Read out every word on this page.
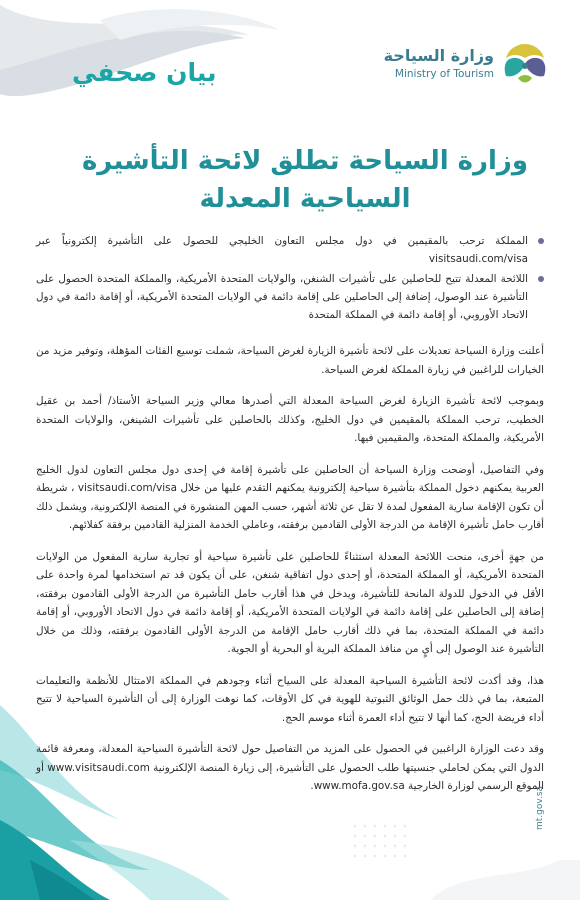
بيان صحفي
وزارة السياحة
Ministry of Tourism
وزارة السياحة تطلق لائحة التأشيرة
السياحية المعدلة
المملكة ترحب بالمقيمين في دول مجلس التعاون الخليجي للحصول على التأشيرة إلكترونياً عبر visitsaudi.com/visa
اللائحة المعدلة تتيح للحاصلين على تأشيرات الشنغن، والولايات المتحدة الأمريكية، والمملكة المتحدة الحصول على التأشيرة عند الوصول، إضافة إلى الحاصلين على إقامة دائمة في الولايات المتحدة الأمريكية، أو إقامة دائمة في دول الاتحاد الأوروبي، أو إقامة دائمة في المملكة المتحدة

أعلنت وزارة السياحة تعديلات على لائحة تأشيرة الزيارة لغرض السياحة، شملت توسيع الفئات المؤهلة، وتوفير مزيد من الخيارات للراغبين في زيارة المملكة لغرض السياحة.

وبموجب لائحة تأشيرة الزيارة لغرض السياحة المعدلة التي أصدرها معالي وزير السياحة الأستاذ/ أحمد بن عقيل الخطيب، ترحب المملكة بالمقيمين في دول الخليج، وكذلك بالحاصلين على تأشيرات الشينغن، والولايات المتحدة الأمريكية، والمملكة المتحدة، والمقيمين فيها.

وفي التفاصيل، أوضحت وزارة السياحة أن الحاصلين على تأشيرة إقامة في إحدى دول مجلس التعاون لدول الخليج العربية يمكنهم دخول المملكة بتأشيرة سياحية إلكترونية يمكنهم التقدم عليها من خلال visitsaudi.com/visa ، شريطة أن تكون الإقامة سارية المفعول لمدة لا تقل عن ثلاثة أشهر، حسب المهن المنشورة في المنصة الإلكترونية، ويشمل ذلك أقارب حامل تأشيرة الإقامة من الدرجة الأولى القادمين برفقته، وعاملي الخدمة المنزلية القادمين برفقة كفلائهم.

من جهةٍ أخرى، منحت اللائحة المعدلة استثناءً للحاصلين على تأشيرة سياحية أو تجارية سارية المفعول من الولايات المتحدة الأمريكية، أو المملكة المتحدة، أو إحدى دول اتفاقية شنغن، على أن يكون قد تم استخدامها لمرة واحدة على الأقل في الدخول للدولة المانحة للتأشيرة، ويدخل في هذا أقارب حامل التأشيرة من الدرجة الأولى القادمون برفقته، إضافة إلى الحاصلين على إقامة دائمة في الولايات المتحدة الأمريكية، أو إقامة دائمة في دول الاتحاد الأوروبي، أو إقامة دائمة في المملكة المتحدة، بما في ذلك أقارب حامل الإقامة من الدرجة الأولى القادمون برفقته، وذلك من خلال التأشيرة عند الوصول إلى أيٍ من منافذ المملكة البرية أو البحرية أو الجوية.

هذا، وقد أكدت لائحة التأشيرة السياحية المعدلة على السياح أثناء وجودهم في المملكة الامتثال للأنظمة والتعليمات المتبعة، بما في ذلك حمل الوثائق الثبوتية للهوية في كل الأوقات، كما نوهت الوزارة إلى أن التأشيرة السياحية لا تتيح أداء فريضة الحج، كما أنها لا تتيح أداء العمرة أثناء موسم الحج.

وقد دعت الوزارة الراغبين في الحصول على المزيد من التفاصيل حول لائحة التأشيرة السياحية المعدلة، ومعرفة قائمة الدول التي يمكن لحاملي جنسيتها طلب الحصول على التأشيرة، إلى زيارة المنصة الإلكترونية www.visitsaudi.com أو الموقع الرسمي لوزارة الخارجية www.mofa.gov.sa.

mt.gov.sa
